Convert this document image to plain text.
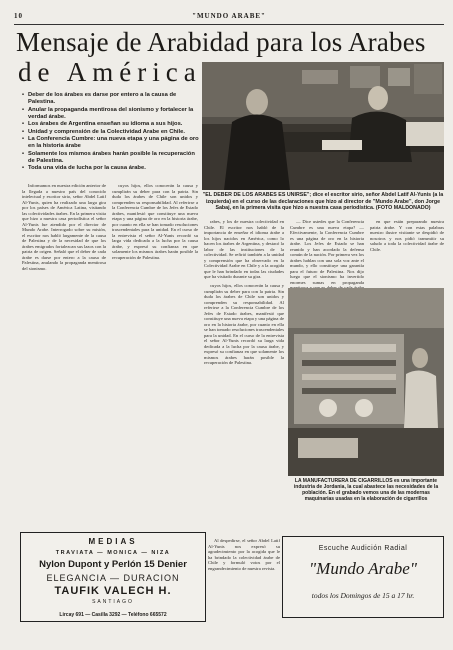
10	"MUNDO ARABE"
Mensaje de Arabidad para los Arabes
de América
• Deber de los árabes es darse por entero a la causa de Palestina.
• Anular la propaganda mentirosa del sionismo y fortalecer la verdad árabe.
• Los árabes de Argentina enseñan su idioma a sus hijos.
• Unidad y comprensión de la Colectividad Arabe en Chile.
• La Conferencia Cumbre: una nueva etapa y una página de oro en la historia árabe
• Solamente los mismos árabes harán posible la recuperación de Palestina.
• Toda una vida de lucha por la causa árabe.

Informamos en nuestra edición anterior de la llegada a nuestro país del conocido intelectual y escritor sirio, señor Abdel Latif Al-Yunis, quien ha realizado una larga gira por los países de América Latina, visitando las colectividades árabes. En la primera visita que hizo a nuestra casa periodística el señor Al-Yunis fue atendido por el director de Mundo Arabe. Interrogado sobre su misión, el escritor nos habló largamente de la causa de Palestina y de la necesidad de que los árabes emigrados fortalezcan sus lazos con la patria de origen. Señaló que el deber de cada árabe es darse por entero a la causa de Palestina, anulando la propaganda mentirosa del sionismo.

cuyos hijos, ellos conocerán la causa y cumplirán su deber para con la patria. Sin duda los árabes de Chile son unidos y comprenden su responsabilidad. Al referirse a la Conferencia Cumbre de los Jefes de Estado árabes, manifestó que constituye una nueva etapa y una página de oro en la historia árabe, por cuanto en ella se han tomado resoluciones trascendentales para la unidad. En el curso de la entrevista el señor Al-Yunis recordó su larga vida dedicada a la lucha por la causa árabe, y expresó su confianza en que solamente los mismos árabes harán posible la recuperación de Palestina.

"EL DEBER DE LOS ARABES ES UNIRSE"; dice el escritor sirio, señor Abdel Latif Al-Yunis (a la izquierda) en el curso de las declaraciones que hizo al director de "Mundo Arabe", don Jorge Sabaj, en la primera visita que hizo a nuestra casa periodística. (FOTO MALDONADO)

rabes, y los de nuestra colectividad en Chile. El escritor nos habló de la importancia de enseñar el idioma árabe a los hijos nacidos en América, como lo hacen los árabes de Argentina, y destacó la labor de las instituciones de la colectividad. Se refirió también a la unidad y comprensión que ha observado en la Colectividad Arabe en Chile y a la acogida que le han brindado en todas las ciudades que ha visitado durante su gira.

— Dice ustedes que la Conferencia Cumbre es una nueva etapa? — Efectivamente, la Conferencia Cumbre es una página de oro en la historia árabe. Los Jefes de Estado se han reunido y han acordado la defensa común de la nación. Por primera vez los árabes hablan con una sola voz ante el mundo, y ello constituye una garantía para el futuro de Palestina. Nos dijo luego que el sionismo ha invertido enormes sumas en propaganda

en que están preparando nuestra patria árabe. Y con estas palabras nuestro ilustre visitante se despidió de nosotros y nos pidió transmitir su saludo a toda la colectividad árabe de Chile.

cuyos hijos, ellos conocerán la causa y cumplirán su deber para con la patria. Sin duda los árabes de Chile son unidos y comprenden su responsabilidad. Al referirse a la Conferencia Cumbre de los Jefes de Estado árabes, manifestó que constituye una nueva etapa y una página de oro en la historia árabe, por cuanto en ella se han tomado resoluciones trascendentales para la unidad. En el curso de la entrevista el señor Al-Yunis recordó su larga vida dedicada a la lucha por la causa árabe, y expresó su confianza en que solamente los mismos árabes harán posible la recuperación de Palestina.

LA MANUFACTURERA DE CIGARRILLOS es una importante industria de Jordania, la cual abastece las necesidades de la población. En el grabado vemos una de las modernas maquinarias usadas en la elaboración de cigarrillos

Al despedirse, el señor Abdel Latif Al-Yunis nos expresó su agradecimiento por la acogida que le ha brindado la colectividad árabe de Chile y formuló votos por el engrandecimiento de nuestra revista.

MEDIAS
TRAVIATA — MONICA — NIZA
Nylon Dupont y Perlón 15 Denier
ELEGANCIA — DURACION
TAUFIK VALECH H.
SANTIAGO
Lircay 691 — Casilla 3292 — Teléfono 665572
Escuche Audición Radial
"Mundo Arabe"
todos los Domingos de 15 a 17 hr.
